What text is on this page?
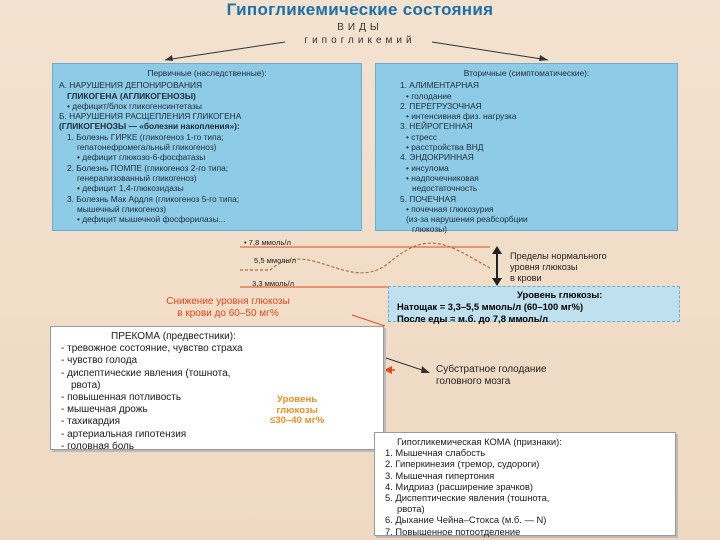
Гипогликемические состояния
ВИДЫ
гипогликемий
Первичные (наследственные):
А. НАРУШЕНИЯ ДЕПОНИРОВАНИЯ
ГЛИКОГЕНА (АГЛИКОГЕНОЗЫ)
• дефицит/блок гликогенсинтетазы
Б. НАРУШЕНИЯ РАСЩЕПЛЕНИЯ ГЛИКОГЕНА
(ГЛИКОГЕНОЗЫ — «болезни накопления»):
1. Болезнь ГИРКЕ (гликогеноз 1-го типа;
гепатонефромегальный гликогеноз)
• дефицит глюкозо-6-фосфатазы
2. Болезнь ПОМПЕ (гликогеноз 2-го типа;
генерализованный гликогеноз)
• дефицит 1,4-глюкозидазы
3. Болезнь Мак Ардля (гликогеноз 5-го типа;
мышечный гликогеноз)
• дефицит мышечной фосфорилазы...
Вторичные (симптоматические):
1. АЛИМЕНТАРНАЯ
• голодание
2. ПЕРЕГРУЗОЧНАЯ
• интенсивная физ. нагрузка
3. НЕЙРОГЕННАЯ
• стресс
• расстройства ВНД
4. ЭНДОКРИННАЯ
• инсулома
• надпочечниковая
недостаточность
5. ПОЧЕЧНАЯ
• почечная глюкозурия
(из-за нарушения реабсорбции
глюкозы)
• 7,8 ммоль/л
5,5 ммоль/л
3,3 ммоль/л
Пределы нормального
уровня глюкозы
в крови
Снижение уровня глюкозы
в крови до 60–50 мг%
Уровень глюкозы:
Натощак = 3,3–5,5 ммоль/л (60–100 мг%)
После еды = м.б. до 7,8 ммоль/л
ПРЕКОМА (предвестники):
- тревожное состояние, чувство страха
- чувство голода
- диспептические явления (тошнота,
рвота)
- повышенная потливость
- мышечная дрожь
- тахикардия
- артериальная гипотензия
- головная боль
Субстратное голодание
головного мозга
Уровень
глюкозы
≤30–40 мг%
Гипогликемическая КОМА (признаки):
1. Мышечная слабость
2. Гиперкинезия (тремор, судороги)
3. Мышечная гипертония
4. Мидриаз (расширение зрачков)
5. Диспептические явления (тошнота,
рвота)
6. Дыхание Чейна–Стокса (м.б. — N)
7. Повышенное потоотделение
